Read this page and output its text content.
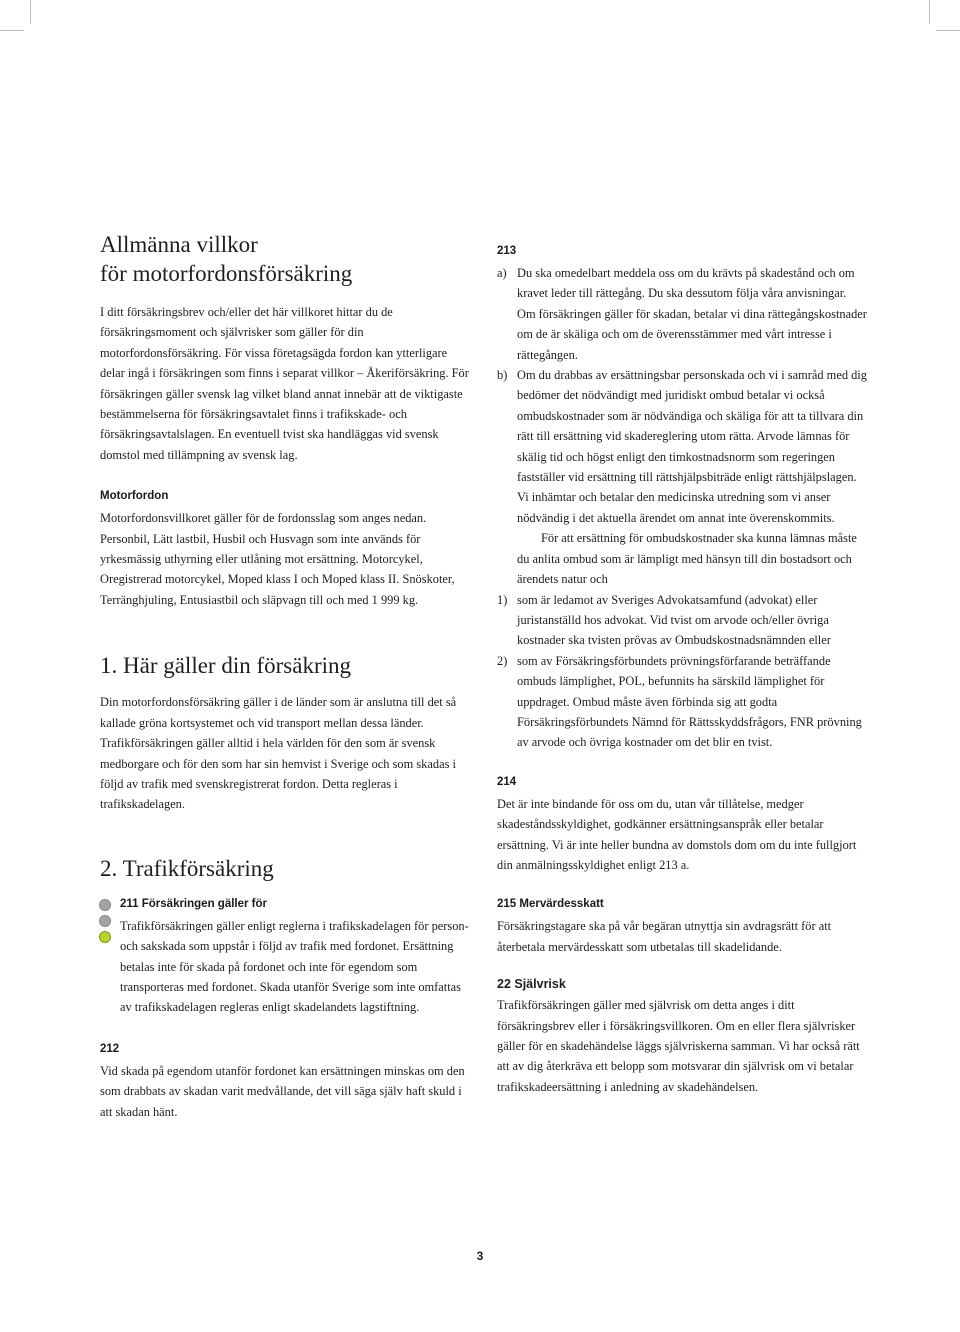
Allmänna villkor
för motorfordonsförsäkring

I ditt försäkringsbrev och/eller det här villkoret hittar du de försäkringsmoment och självrisker som gäller för din motorfordonsförsäkring. För vissa företagsägda fordon kan ytterligare delar ingå i försäkringen som finns i separat villkor – Åkeriförsäkring. För försäkringen gäller svensk lag vilket bland annat innebär att de viktigaste bestämmelserna för försäkringsavtalet finns i trafikskade- och försäkringsavtalslagen. En eventuell tvist ska handläggas vid svensk domstol med tillämpning av svensk lag.

Motorfordon

Motorfordonsvillkoret gäller för de fordonsslag som anges nedan. Personbil, Lätt lastbil, Husbil och Husvagn som inte används för yrkesmässig uthyrning eller utlåning mot ersättning. Motorcykel, Oregistrerad motorcykel, Moped klass I och Moped klass II. Snöskoter, Terränghjuling, Entusiastbil och släpvagn till och med 1 999 kg.

1. Här gäller din försäkring

Din motorfordonsförsäkring gäller i de länder som är anslutna till det så kallade gröna kortsystemet och vid transport mellan dessa länder. Trafikförsäkringen gäller alltid i hela världen för den som är svensk medborgare och för den som har sin hemvist i Sverige och som skadas i följd av trafik med svenskregistrerat fordon. Detta regleras i trafikskadelagen.

2. Trafikförsäkring
211 Försäkringen gäller för

Trafikförsäkringen gäller enligt reglerna i trafikskadelagen för person- och sakskada som uppstår i följd av trafik med fordonet. Ersättning betalas inte för skada på fordonet och inte för egendom som transporteras med fordonet. Skada utanför Sverige som inte omfattas av trafikskadelagen regleras enligt skadelandets lagstiftning.

212

Vid skada på egendom utanför fordonet kan ersättningen minskas om den som drabbats av skadan varit medvållande, det vill säga själv haft skuld i att skadan hänt.

213
a) Du ska omedelbart meddela oss om du krävts på skadestånd och om kravet leder till rättegång. Du ska dessutom följa våra anvisningar. Om försäkringen gäller för skadan, betalar vi dina rättegångskostnader om de är skäliga och om de överensstämmer med vårt intresse i rättegången.

b) Om du drabbas av ersättningsbar personskada och vi i samråd med dig bedömer det nödvändigt med juridiskt ombud betalar vi också ombudskostnader som är nödvändiga och skäliga för att ta tillvara din rätt till ersättning vid skadereglering utom rätta. Arvode lämnas för skälig tid och högst enligt den timkostnadsnorm som regeringen fastställer vid ersättning till rättshjälpsbiträde enligt rättshjälpslagen. Vi inhämtar och betalar den medicinska utredning som vi anser nödvändig i det aktuella ärendet om annat inte överenskommits.

För att ersättning för ombudskostnader ska kunna lämnas måste du anlita ombud som är lämpligt med hänsyn till din bostadsort och ärendets natur och

1) som är ledamot av Sveriges Advokatsamfund (advokat) eller juristanställd hos advokat. Vid tvist om arvode och/eller övriga kostnader ska tvisten prövas av Ombudskostnadsnämnden eller

2) som av Försäkringsförbundets prövningsförfarande beträffande ombuds lämplighet, POL, befunnits ha särskild lämplighet för uppdraget. Ombud måste även förbinda sig att godta Försäkringsförbundets Nämnd för Rättsskyddsfrågors, FNR prövning av arvode och övriga kostnader om det blir en tvist.

214

Det är inte bindande för oss om du, utan vår tillåtelse, medger skadeståndsskyldighet, godkänner ersättningsanspråk eller betalar ersättning. Vi är inte heller bundna av domstols dom om du inte fullgjort din anmälningsskyldighet enligt 213 a.

215 Mervärdesskatt

Försäkringstagare ska på vår begäran utnyttja sin avdragsrätt för att återbetala mervärdesskatt som utbetalas till skadelidande.

22 Självrisk

Trafikförsäkringen gäller med självrisk om detta anges i ditt försäkringsbrev eller i försäkringsvillkoren. Om en eller flera självrisker gäller för en skadehändelse läggs självriskerna samman. Vi har också rätt att av dig återkräva ett belopp som motsvarar din självrisk om vi betalar trafikskadeersättning i anledning av skadehändelsen.

3
